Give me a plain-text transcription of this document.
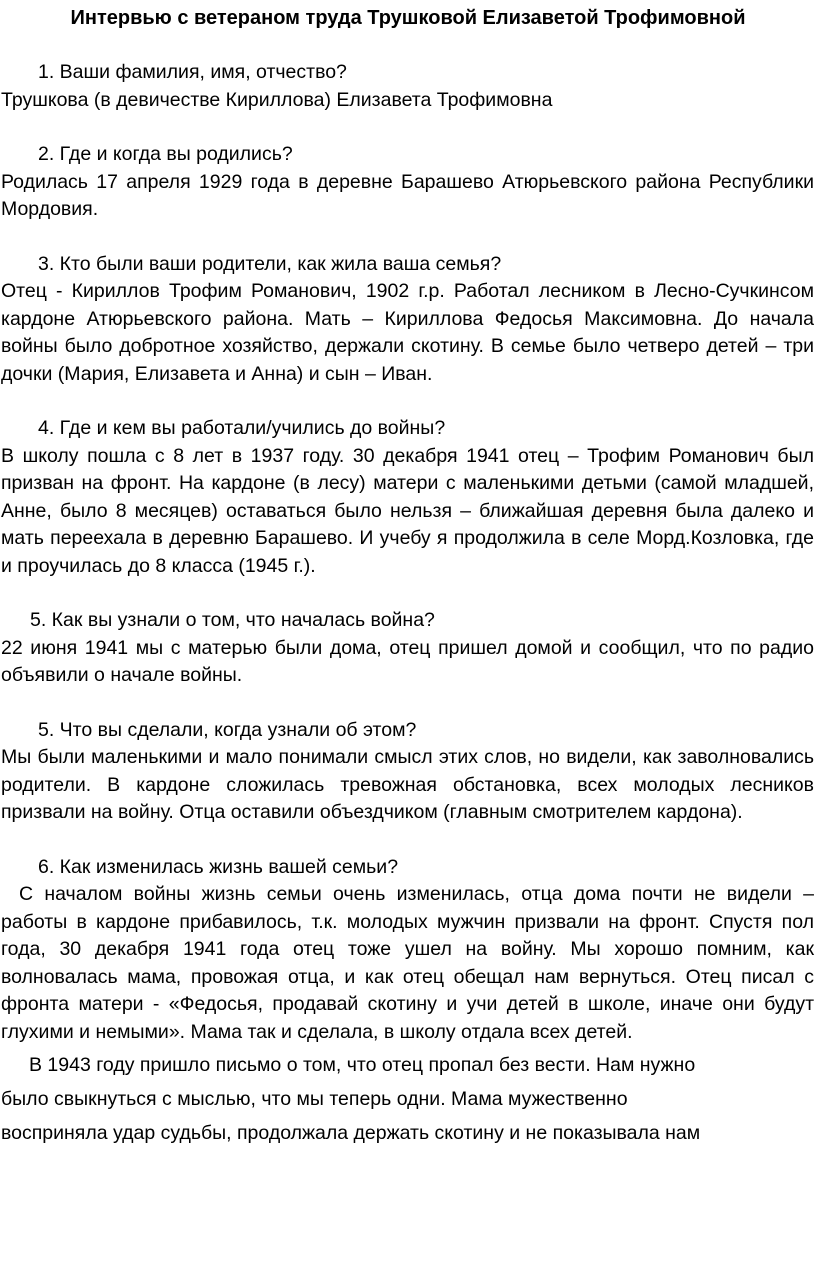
Интервью с ветераном труда Трушковой Елизаветой Трофимовной

1. Ваши фамилия, имя, отчество?

Трушкова (в девичестве Кириллова) Елизавета Трофимовна

2. Где и когда вы родились?

Родилась 17 апреля 1929 года в деревне Барашево Атюрьевского района Республики Мордовия.

3. Кто были ваши родители, как жила ваша семья?

Отец - Кириллов Трофим Романович, 1902 г.р. Работал лесником в Лесно-Сучкинсом кардоне Атюрьевского района. Мать – Кириллова Федосья Максимовна. До начала войны было добротное хозяйство, держали скотину. В семье было четверо детей – три дочки (Мария, Елизавета и Анна) и сын – Иван.

4. Где и кем вы работали/учились до войны?

В школу пошла с 8 лет в 1937 году. 30 декабря 1941 отец – Трофим Романович был призван на фронт. На кардоне (в лесу) матери с маленькими детьми (самой младшей, Анне, было 8 месяцев) оставаться было нельзя – ближайшая деревня была далеко и мать переехала в деревню Барашево. И учебу я продолжила в селе Морд.Козловка, где и проучилась до 8 класса (1945 г.).

5. Как вы узнали о том, что началась война?

22 июня 1941 мы с матерью были дома, отец пришел домой и сообщил, что по радио объявили о начале войны.

5. Что вы сделали, когда узнали об этом?

Мы были маленькими и мало понимали смысл этих слов, но видели, как заволновались родители. В кардоне сложилась тревожная обстановка, всех молодых лесников призвали на войну. Отца оставили объездчиком (главным смотрителем кардона).

6. Как изменилась жизнь вашей семьи?

С началом войны жизнь семьи очень изменилась, отца дома почти не видели – работы в кардоне прибавилось, т.к. молодых мужчин призвали на фронт. Спустя пол года, 30 декабря 1941 года отец тоже ушел на войну. Мы хорошо помним, как волновалась мама, провожая отца, и как отец обещал нам вернуться. Отец писал с фронта матери - «Федосья, продавай скотину и учи детей в школе, иначе они будут глухими и немыми». Мама так и сделала, в школу отдала всех детей.

В 1943 году пришло письмо о том, что отец пропал без вести. Нам нужно

было свыкнуться с мыслью, что мы теперь одни. Мама мужественно

восприняла удар судьбы, продолжала держать скотину и не показывала нам
